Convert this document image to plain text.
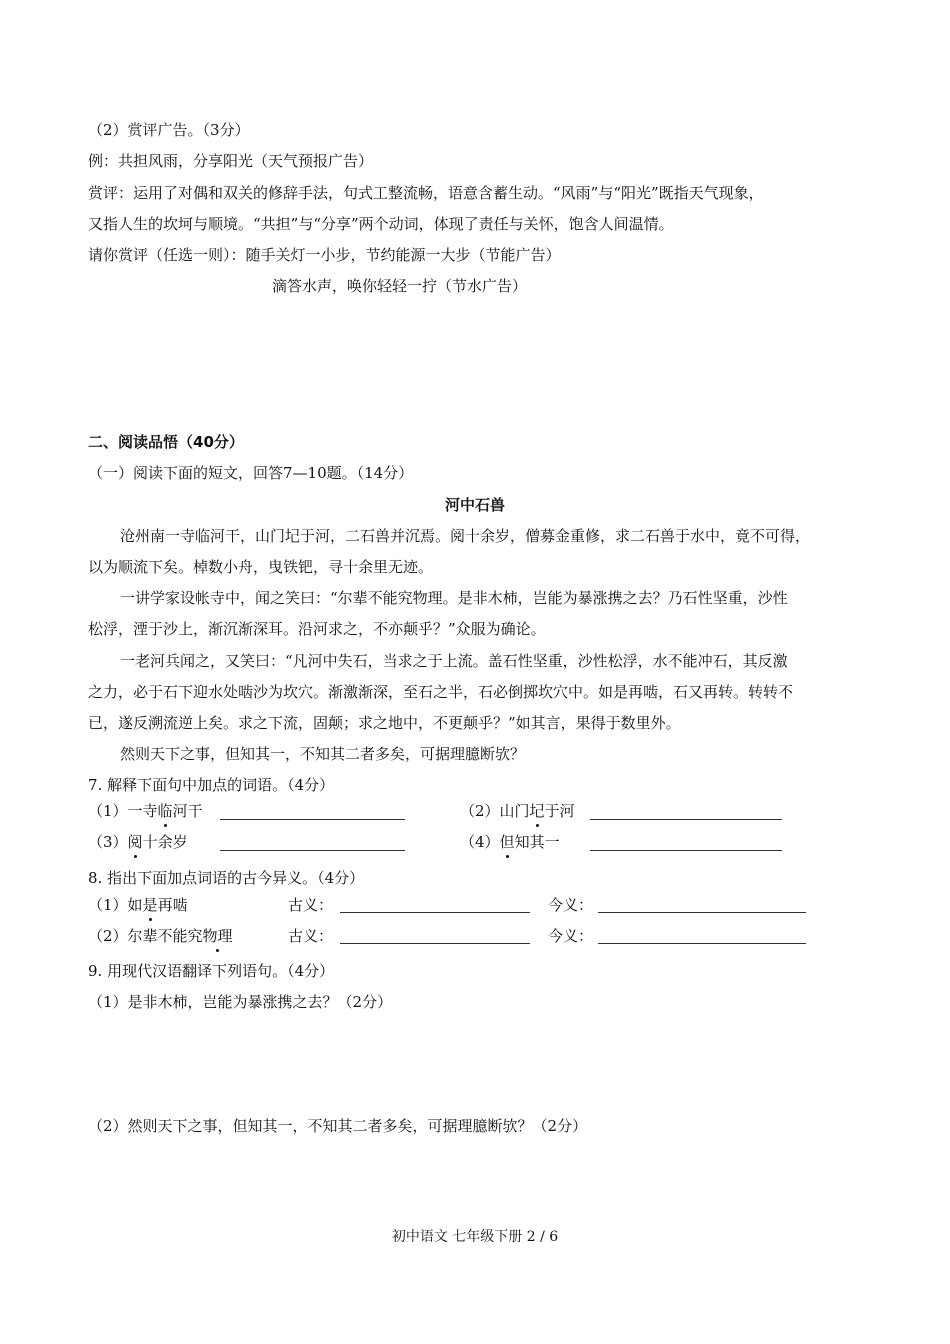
（2）赏评广告。（3分）
例：共担风雨，分享阳光（天气预报广告）
赏评：运用了对偶和双关的修辞手法，句式工整流畅，语意含蓄生动。“风雨”与“阳光”既指天气现象，
又指人生的坎坷与顺境。“共担”与“分享”两个动词，体现了责任与关怀，饱含人间温情。
请你赏评（任选一则）：随手关灯一小步，节约能源一大步（节能广告）
滴答水声，唤你轻轻一拧（节水广告）
二、阅读品悟（40分）
（一）阅读下面的短文，回答7—10题。（14分）
河中石兽
沧州南一寺临河干，山门圮于河，二石兽并沉焉。阅十余岁，僧募金重修，求二石兽于水中，竟不可得，
以为顺流下矣。棹数小舟，曳铁钯，寻十余里无迹。
一讲学家设帐寺中，闻之笑曰：“尔辈不能究物理。是非木柿，岂能为暴涨携之去？乃石性坚重，沙性
松浮，湮于沙上，渐沉渐深耳。沿河求之，不亦颠乎？”众服为确论。
一老河兵闻之，又笑曰：“凡河中失石，当求之于上流。盖石性坚重，沙性松浮，水不能冲石，其反激
之力，必于石下迎水处啮沙为坎穴。渐激渐深，至石之半，石必倒掷坎穴中。如是再啮，石又再转。转转不
已，遂反溯流逆上矣。求之下流，固颠；求之地中，不更颠乎？”如其言，果得于数里外。
然则天下之事，但知其一，不知其二者多矣，可据理臆断欤？
7. 解释下面句中加点的词语。（4分）
（1）一寺临河干	（2）山门圮于河
（3）阅十余岁	（4）但知其一
8. 指出下面加点词语的古今异义。（4分）
（1）如是再啮	古义：	今义：
（2）尔辈不能究物理	古义：	今义：
9. 用现代汉语翻译下列语句。（4分）
（1）是非木柿，岂能为暴涨携之去？（2分）
（2）然则天下之事，但知其一，不知其二者多矣，可据理臆断欤？（2分）
初中语文 七年级下册 2 / 6
